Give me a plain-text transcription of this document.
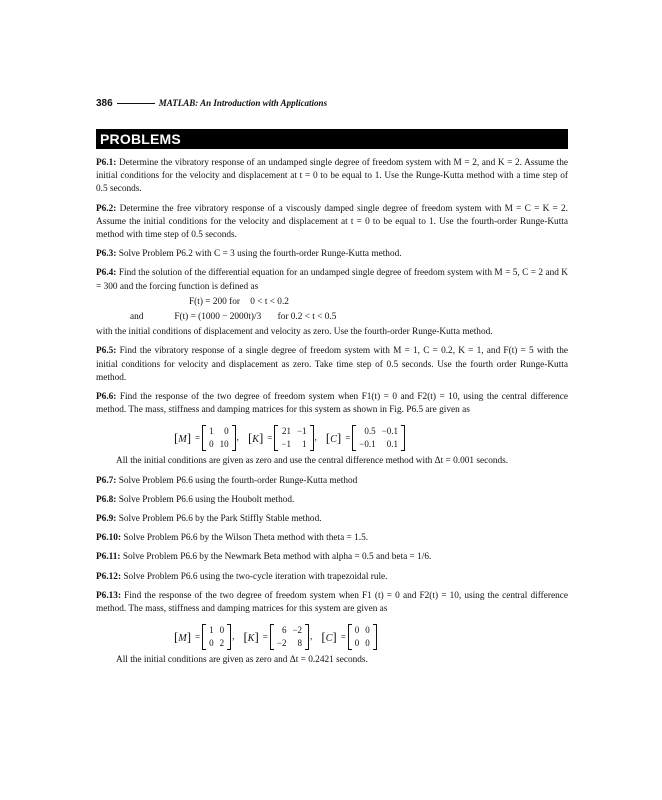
386	MATLAB: An Introduction with Applications
PROBLEMS

P6.1: Determine the vibratory response of an undamped single degree of freedom system with M = 2, and K = 2. Assume the initial conditions for the velocity and displacement at t = 0 to be equal to 1. Use the Runge-Kutta method with a time step of 0.5 seconds.

P6.2: Determine the free vibratory response of a viscously damped single degree of freedom system with M = C = K = 2. Assume the initial conditions for the velocity and displacement at t = 0 to be equal to 1. Use the fourth-order Runge-Kutta method with time step of 0.5 seconds.

P6.3: Solve Problem P6.2 with C = 3 using the fourth-order Runge-Kutta method.

P6.4: Find the solution of the differential equation for an undamped single degree of freedom system with M = 5, C = 2 and K = 300 and the forcing function is defined as
F(t) = 200 for 0 < t < 0.2
and	F(t) = (1000 − 2000t)/3 for 0.2 < t < 0.5
with the initial conditions of displacement and velocity as zero. Use the fourth-order Runge-Kutta method.

P6.5: Find the vibratory response of a single degree of freedom system with M = 1, C = 0.2, K = 1, and F(t) = 5 with the initial conditions for velocity and displacement as zero. Take time step of 0.5 seconds. Use the fourth order Runge-Kutta method.

P6.6: Find the response of the two degree of freedom system when F1(t) = 0 and F2(t) = 10, using the central difference method. The mass, stiffness and damping matrices for this system as shown in Fig. P6.5 are given as
[M] =
1	0
0	10
, [K] =
21	−1
−1	1
, [C] =
0.5	−0.1
−0.1	0.1
All the initial conditions are given as zero and use the central difference method with Δt = 0.001 seconds.

P6.7: Solve Problem P6.6 using the fourth-order Runge-Kutta method

P6.8: Solve Problem P6.6 using the Houbolt method.

P6.9: Solve Problem P6.6 by the Park Stiffly Stable method.

P6.10: Solve Problem P6.6 by the Wilson Theta method with theta = 1.5.

P6.11: Solve Problem P6.6 by the Newmark Beta method with alpha = 0.5 and beta = 1/6.

P6.12: Solve Problem P6.6 using the two-cycle iteration with trapezoidal rule.

P6.13: Find the response of the two degree of freedom system when F1 (t) = 0 and F2(t) = 10, using the central difference method. The mass, stiffness and damping matrices for this system are given as
[M] =
1	0
0	2
, [K] =
6	−2
−2	8
, [C] =
0	0
0	0
All the initial conditions are given as zero and Δt = 0.2421 seconds.
